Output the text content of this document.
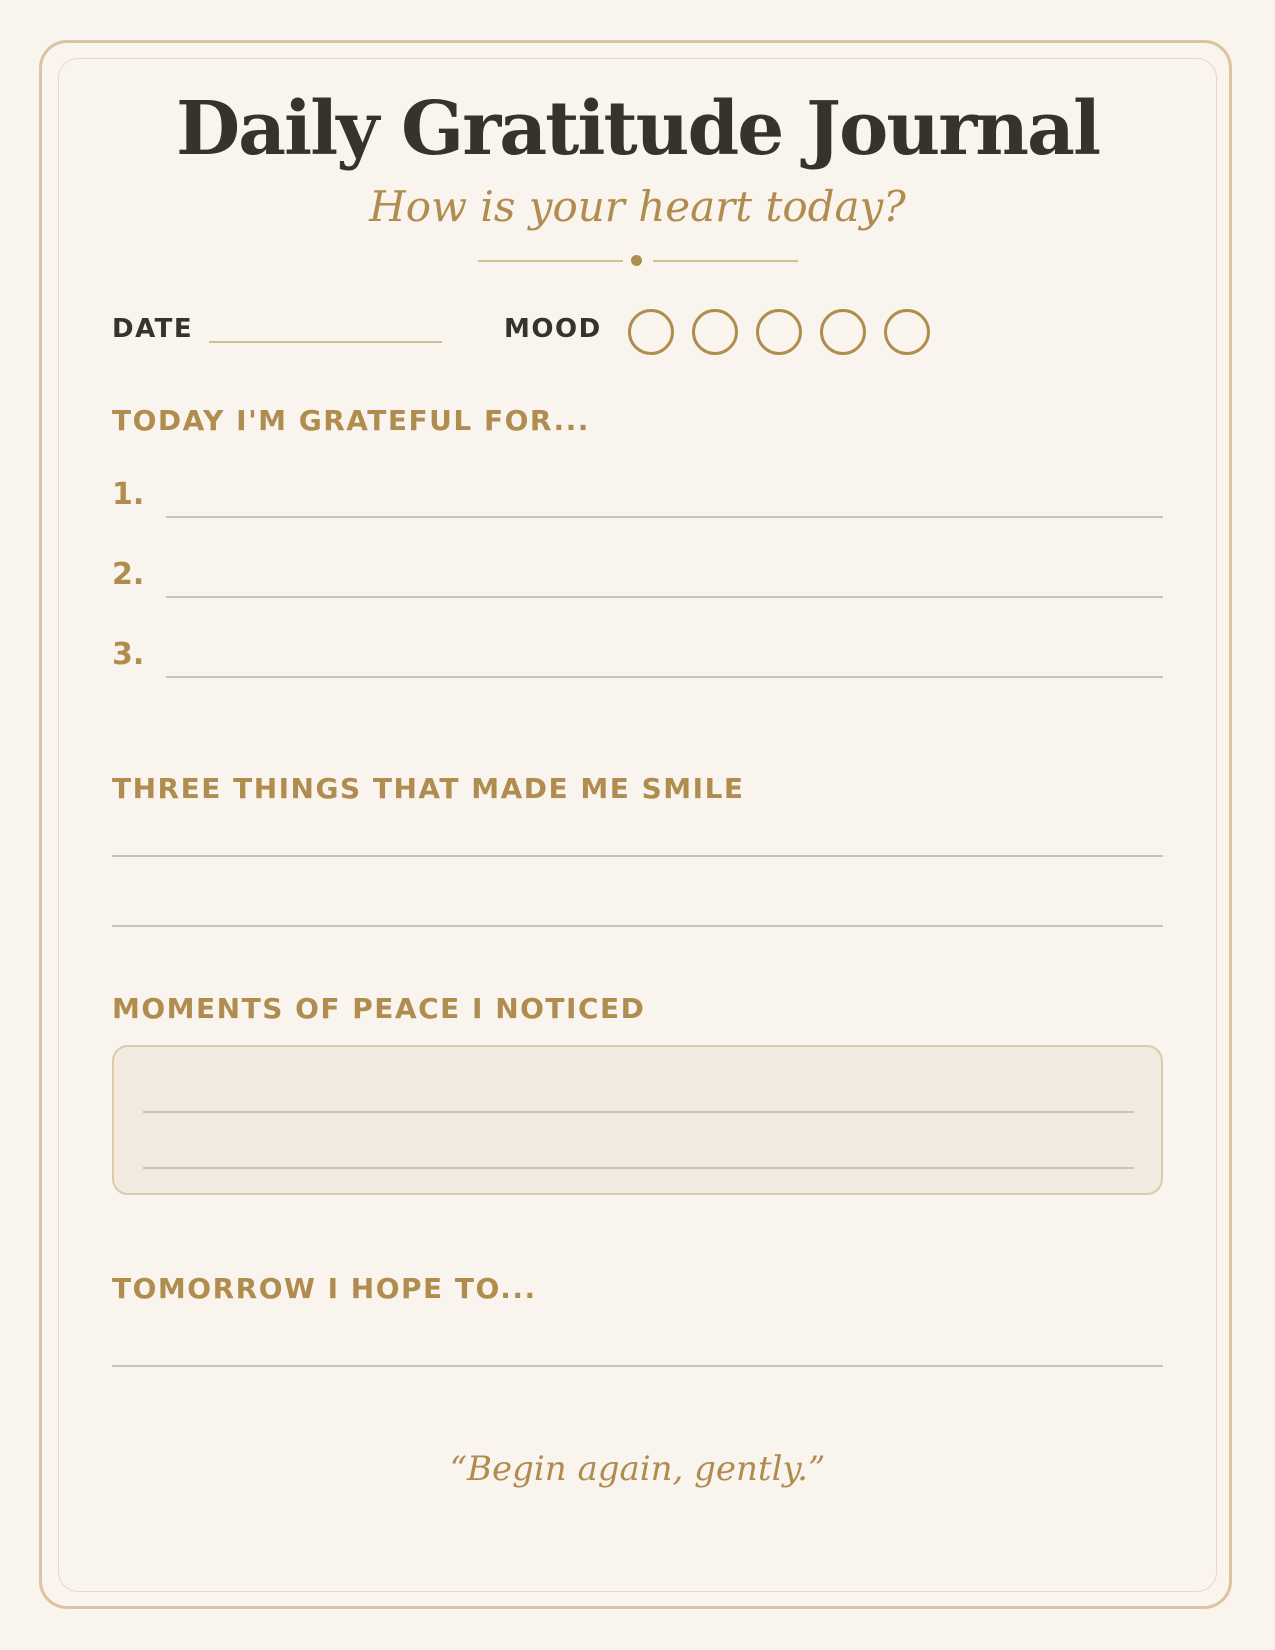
Daily Gratitude Journal
How is your heart today?
DATE	MOOD
TODAY I'M GRATEFUL FOR...
1.
2.
3.
THREE THINGS THAT MADE ME SMILE
MOMENTS OF PEACE I NOTICED
TOMORROW I HOPE TO...
“Begin again, gently.”
